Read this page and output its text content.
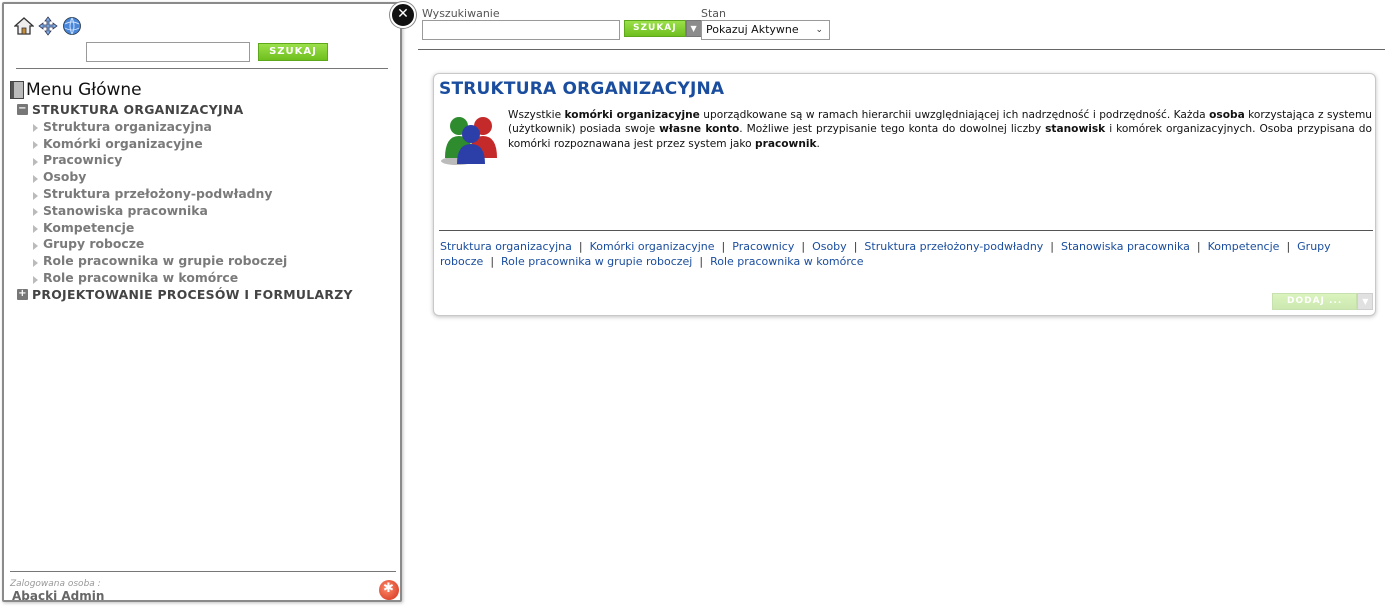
✕
SZUKAJ
Menu Główne
− STRUKTURA ORGANIZACYJNA
Struktura organizacyjna
Komórki organizacyjne
Pracownicy
Osoby
Struktura przełożony-podwładny
Stanowiska pracownika
Kompetencje
Grupy robocze
Role pracownika w grupie roboczej
Role pracownika w komórce
+ PROJEKTOWANIE PROCESÓW I FORMULARZY
Zalogowana osoba :
Abacki Admin
✱
Wyszukiwanie
SZUKAJ	▼
Stan
Pokazuj Aktywne ⌄
STRUKTURA ORGANIZACYJNA
Wszystkie komórki organizacyjne uporządkowane są w ramach hierarchii uwzględniającej ich nadrzędność i podrzędność. Każda osoba korzystająca z systemu (użytkownik) posiada swoje własne konto. Możliwe jest przypisanie tego konta do dowolnej liczby stanowisk i komórek organizacyjnych. Osoba przypisana do komórki rozpoznawana jest przez system jako pracownik.
Struktura organizacyjna | Komórki organizacyjne | Pracownicy | Osoby | Struktura przełożony-podwładny | Stanowiska pracownika | Kompetencje | Grupy robocze | Role pracownika w grupie roboczej | Role pracownika w komórce
DODAJ ...	▼
